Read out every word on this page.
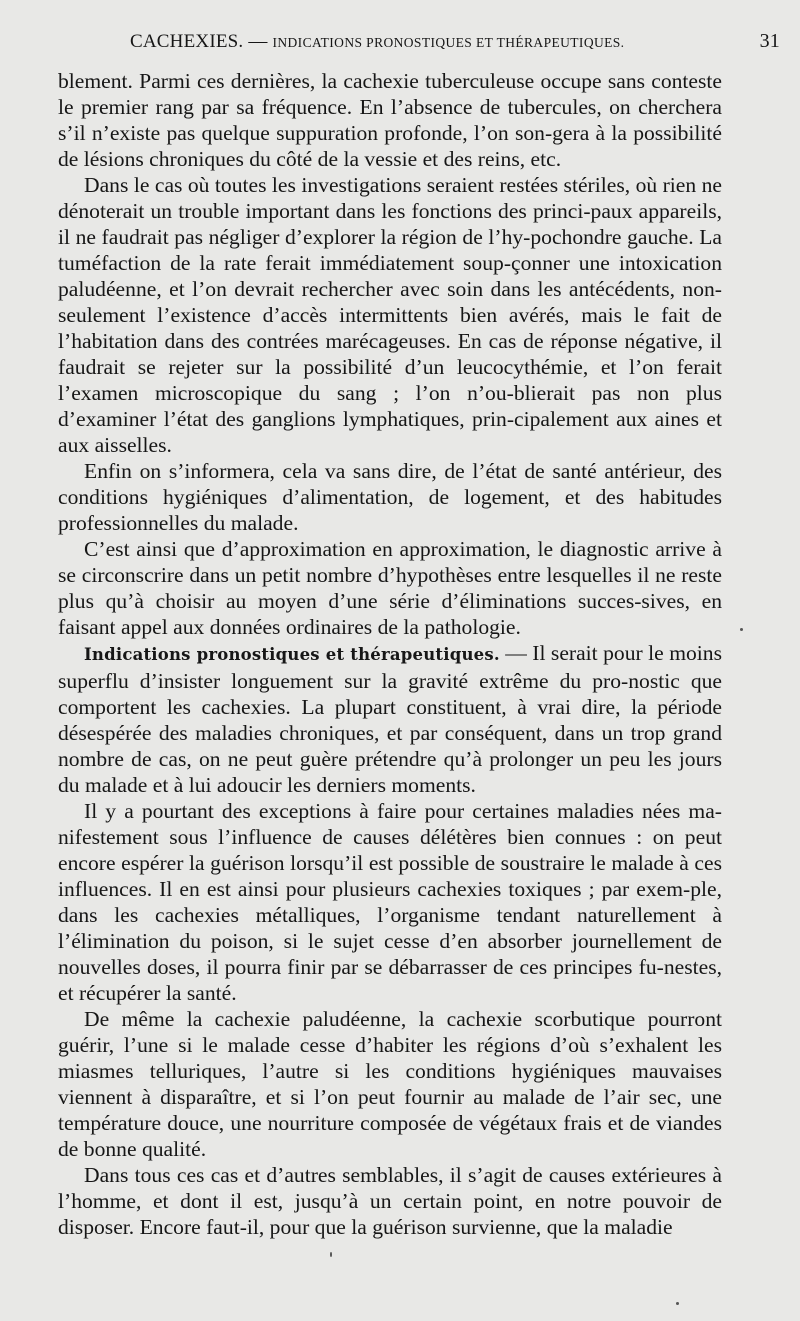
CACHEXIES. — INDICATIONS PRONOSTIQUES ET THÉRAPEUTIQUES.	31

blement. Parmi ces dernières, la cachexie tuberculeuse occupe sans conteste le premier rang par sa fréquence. En l’absence de tubercules, on cherchera s’il n’existe pas quelque suppuration profonde, l’on son-gera à la possibilité de lésions chroniques du côté de la vessie et des reins, etc.

Dans le cas où toutes les investigations seraient restées stériles, où rien ne dénoterait un trouble important dans les fonctions des princi-paux appareils, il ne faudrait pas négliger d’explorer la région de l’hy-pochondre gauche. La tuméfaction de la rate ferait immédiatement soup-çonner une intoxication paludéenne, et l’on devrait rechercher avec soin dans les antécédents, non-seulement l’existence d’accès intermittents bien avérés, mais le fait de l’habitation dans des contrées marécageuses. En cas de réponse négative, il faudrait se rejeter sur la possibilité d’un leucocythémie, et l’on ferait l’examen microscopique du sang ; l’on n’ou-blierait pas non plus d’examiner l’état des ganglions lymphatiques, prin-cipalement aux aines et aux aisselles.

Enfin on s’informera, cela va sans dire, de l’état de santé antérieur, des conditions hygiéniques d’alimentation, de logement, et des habitudes professionnelles du malade.

C’est ainsi que d’approximation en approximation, le diagnostic arrive à se circonscrire dans un petit nombre d’hypothèses entre lesquelles il ne reste plus qu’à choisir au moyen d’une série d’éliminations succes-sives, en faisant appel aux données ordinaires de la pathologie.

Indications pronostiques et thérapeutiques. — Il serait pour le moins superflu d’insister longuement sur la gravité extrême du pro-nostic que comportent les cachexies. La plupart constituent, à vrai dire, la période désespérée des maladies chroniques, et par conséquent, dans un trop grand nombre de cas, on ne peut guère prétendre qu’à prolonger un peu les jours du malade et à lui adoucir les derniers moments.

Il y a pourtant des exceptions à faire pour certaines maladies nées ma-nifestement sous l’influence de causes délétères bien connues : on peut encore espérer la guérison lorsqu’il est possible de soustraire le malade à ces influences. Il en est ainsi pour plusieurs cachexies toxiques ; par exem-ple, dans les cachexies métalliques, l’organisme tendant naturellement à l’élimination du poison, si le sujet cesse d’en absorber journellement de nouvelles doses, il pourra finir par se débarrasser de ces principes fu-nestes, et récupérer la santé.

De même la cachexie paludéenne, la cachexie scorbutique pourront guérir, l’une si le malade cesse d’habiter les régions d’où s’exhalent les miasmes telluriques, l’autre si les conditions hygiéniques mauvaises viennent à disparaître, et si l’on peut fournir au malade de l’air sec, une température douce, une nourriture composée de végétaux frais et de viandes de bonne qualité.

Dans tous ces cas et d’autres semblables, il s’agit de causes extérieures à l’homme, et dont il est, jusqu’à un certain point, en notre pouvoir de disposer. Encore faut-il, pour que la guérison survienne, que la maladie
